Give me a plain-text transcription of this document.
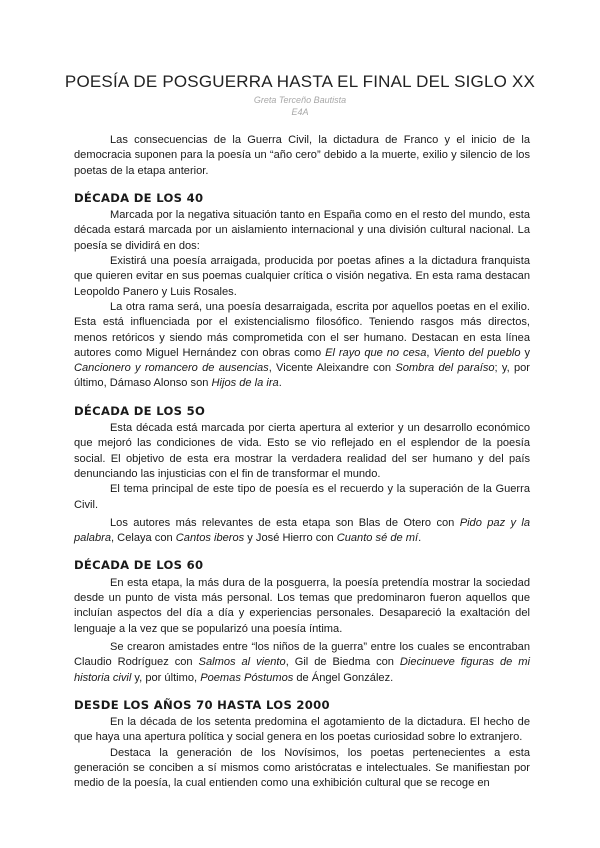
POESÍA DE POSGUERRA HASTA EL FINAL DEL SIGLO XX
Greta Terceño Bautista
E4A

Las consecuencias de la Guerra Civil, la dictadura de Franco y el inicio de la democracia suponen para la poesía un “año cero” debido a la muerte, exilio y silencio de los poetas de la etapa anterior.

DÉCADA DE LOS 40

Marcada por la negativa situación tanto en España como en el resto del mundo, esta década estará marcada por un aislamiento internacional y una división cultural nacional. La poesía se dividirá en dos:

Existirá una poesía arraigada, producida por poetas afines a la dictadura franquista que quieren evitar en sus poemas cualquier crítica o visión negativa. En esta rama destacan Leopoldo Panero y Luis Rosales.

La otra rama será, una poesía desarraigada, escrita por aquellos poetas en el exilio. Esta está influenciada por el existencialismo filosófico. Teniendo rasgos más directos, menos retóricos y siendo más comprometida con el ser humano. Destacan en esta línea autores como Miguel Hernández con obras como El rayo que no cesa, Viento del pueblo y Cancionero y romancero de ausencias, Vicente Aleixandre con Sombra del paraíso; y, por último, Dámaso Alonso son Hijos de la ira.

DÉCADA DE LOS 5O

Esta década está marcada por cierta apertura al exterior y un desarrollo económico que mejoró las condiciones de vida. Esto se vio reflejado en el esplendor de la poesía social. El objetivo de esta era mostrar la verdadera realidad del ser humano y del país denunciando las injusticias con el fin de transformar el mundo.

El tema principal de este tipo de poesía es el recuerdo y la superación de la Guerra Civil.

Los autores más relevantes de esta etapa son Blas de Otero con Pido paz y la palabra, Celaya con Cantos iberos y José Hierro con Cuanto sé de mí.

DÉCADA DE LOS 60

En esta etapa, la más dura de la posguerra, la poesía pretendía mostrar la sociedad desde un punto de vista más personal. Los temas que predominaron fueron aquellos que incluían aspectos del día a día y experiencias personales. Desapareció la exaltación del lenguaje a la vez que se popularizó una poesía íntima.

Se crearon amistades entre “los niños de la guerra” entre los cuales se encontraban Claudio Rodríguez con Salmos al viento, Gil de Biedma con Diecinueve figuras de mi historia civil y, por último, Poemas Póstumos de Ángel González.

DESDE LOS AÑOS 70 HASTA LOS 2000

En la década de los setenta predomina el agotamiento de la dictadura. El hecho de que haya una apertura política y social genera en los poetas curiosidad sobre lo extranjero.

Destaca la generación de los Novísimos, los poetas pertenecientes a esta generación se conciben a sí mismos como aristócratas e intelectuales. Se manifiestan por medio de la poesía, la cual entienden como una exhibición cultural que se recoge en
